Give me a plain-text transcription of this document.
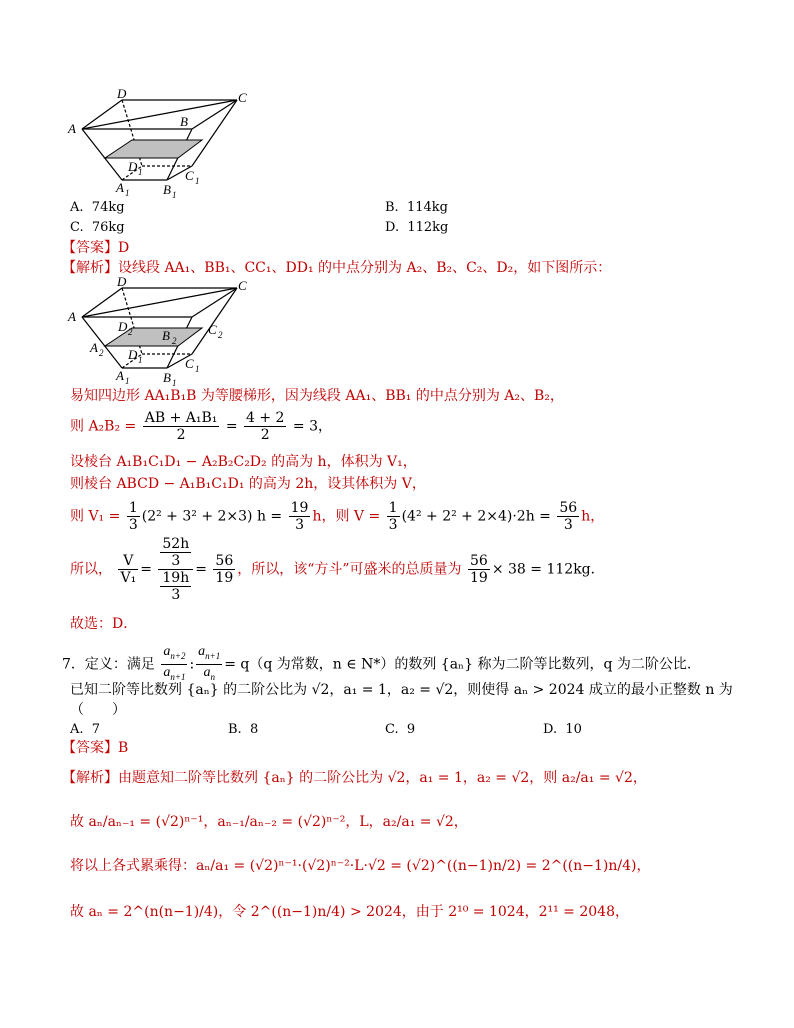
D	C
A	B
D 1	C 1
A 1	B 1
A. 74kg	B. 114kg
C. 76kg	D. 112kg
【答案】D
【解析】设线段 AA₁、BB₁、CC₁、DD₁ 的中点分别为 A₂、B₂、C₂、D₂，如下图所示：
D	C
A
D 2 B 2
C 2
A 2 D 1	C 1
A 1	B 1
易知四边形 AA₁B₁B 为等腰梯形，因为线段 AA₁、BB₁ 的中点分别为 A₂、B₂，
则 $A_2B_2 = \frac{\text{AB + A₁B₁}}{2} = \frac{4 + 2}{2} = 3$，
设棱台 A₁B₁C₁D₁ − A₂B₂C₂D₂ 的高为 h，体积为 V₁，
则棱台 ABCD − A₁B₁C₁D₁ 的高为 2h，设其体积为 V，
则 $V_1 = \frac{1}{3} (2^2 + 3^2 + 2\times 3) h = \frac{19}{3}$ h，则 $V = \frac{1}{3} (4^2 + 2^2 + 2\times 4)\cdot 2h = \frac{56}{3}$ h，
所以， $\frac{V}{\text{V₁}} = \frac{\frac{52h}{3}}{\frac{19h}{3}} = \frac{56}{19}$ ，所以，该“方斗”可盛米的总质量为 $\frac{56}{19} \times 38 = 112kg$．
故选：D．
7．定义：满足 $\frac{a_{n+2}}{a_{n+1}}$ : $\frac{a_{n+1}}{a_n} = q(q$ 为常数，n ∈ N*）的数列 {aₙ} 称为二阶等比数列，q 为二阶公比.
已知二阶等比数列 {aₙ} 的二阶公比为 √2，a₁ = 1，a₂ = √2，则使得 aₙ > 2024 成立的最小正整数 n 为
（　　）
A. 7	B. 8	C. 9	D. 10
【答案】B
【解析】由题意知二阶等比数列 {aₙ} 的二阶公比为 √2，a₁ = 1，a₂ = √2，则 a₂/a₁ = √2，
故 aₙ/aₙ₋₁ = (√2)ⁿ⁻¹，aₙ₋₁/aₙ₋₂ = (√2)ⁿ⁻²，L，a₂/a₁ = √2，
将以上各式累乘得：aₙ/a₁ = (√2)ⁿ⁻¹·(√2)ⁿ⁻²·L·√2 = (√2)^((n−1)n/2) = 2^((n−1)n/4)，
故 aₙ = 2^(n(n−1)/4)，令 2^((n−1)n/4) > 2024，由于 2¹⁰ = 1024，2¹¹ = 2048，
